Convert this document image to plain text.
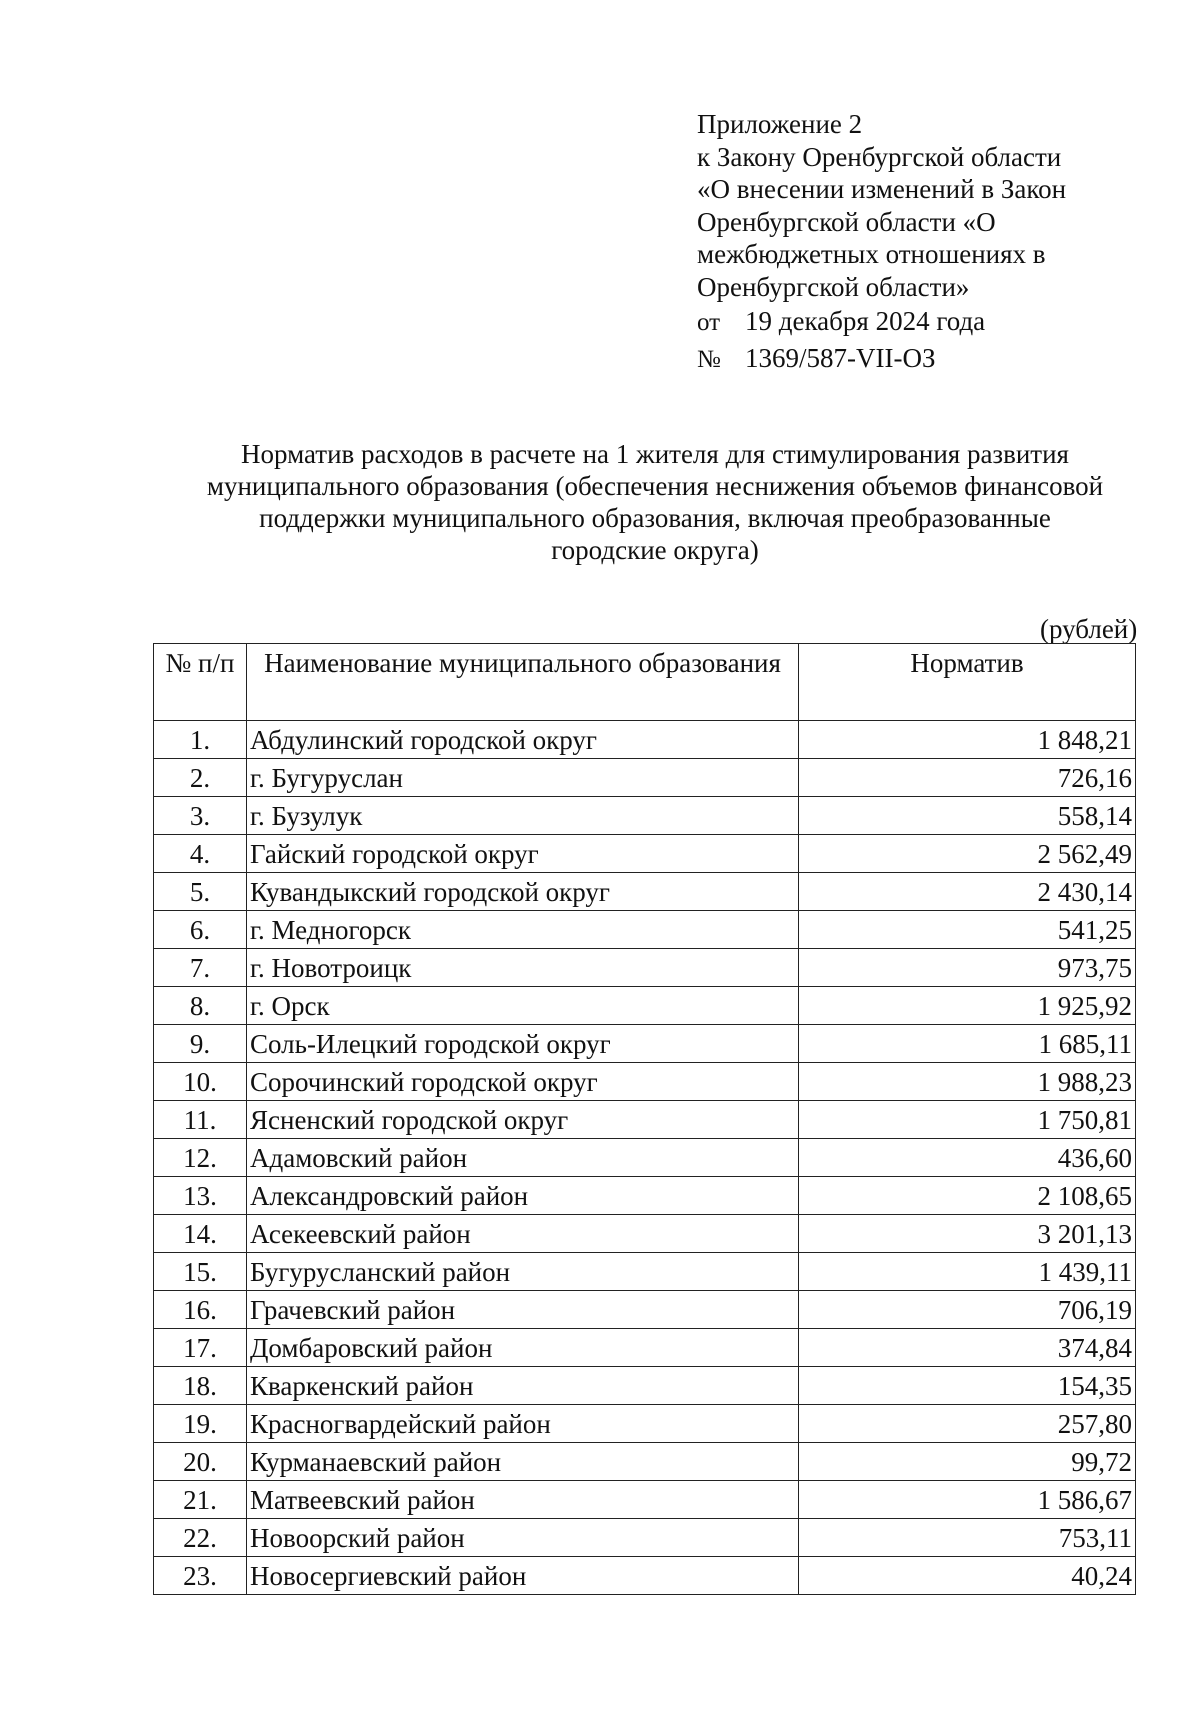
Приложение 2
к Закону Оренбургской области
«О внесении изменений в Закон
Оренбургской области «О
межбюджетных отношениях в
Оренбургской области»
от 19 декабря 2024 года
№ 1369/587-VII-ОЗ
Норматив расходов в расчете на 1 жителя для стимулирования развития
муниципального образования (обеспечения неснижения объемов финансовой
поддержки муниципального образования, включая преобразованные
городские округа)
(рублей)
№ п/п	Наименование муниципального образования	Норматив
1.	Абдулинский городской округ	1 848,21
2.	г. Бугуруслан	726,16
3.	г. Бузулук	558,14
4.	Гайский городской округ	2 562,49
5.	Кувандыкский городской округ	2 430,14
6.	г. Медногорск	541,25
7.	г. Новотроицк	973,75
8.	г. Орск	1 925,92
9.	Соль-Илецкий городской округ	1 685,11
10.	Сорочинский городской округ	1 988,23
11.	Ясненский городской округ	1 750,81
12.	Адамовский район	436,60
13.	Александровский район	2 108,65
14.	Асекеевский район	3 201,13
15.	Бугурусланский район	1 439,11
16.	Грачевский район	706,19
17.	Домбаровский район	374,84
18.	Кваркенский район	154,35
19.	Красногвардейский район	257,80
20.	Курманаевский район	99,72
21.	Матвеевский район	1 586,67
22.	Новоорский район	753,11
23.	Новосергиевский район	40,24
